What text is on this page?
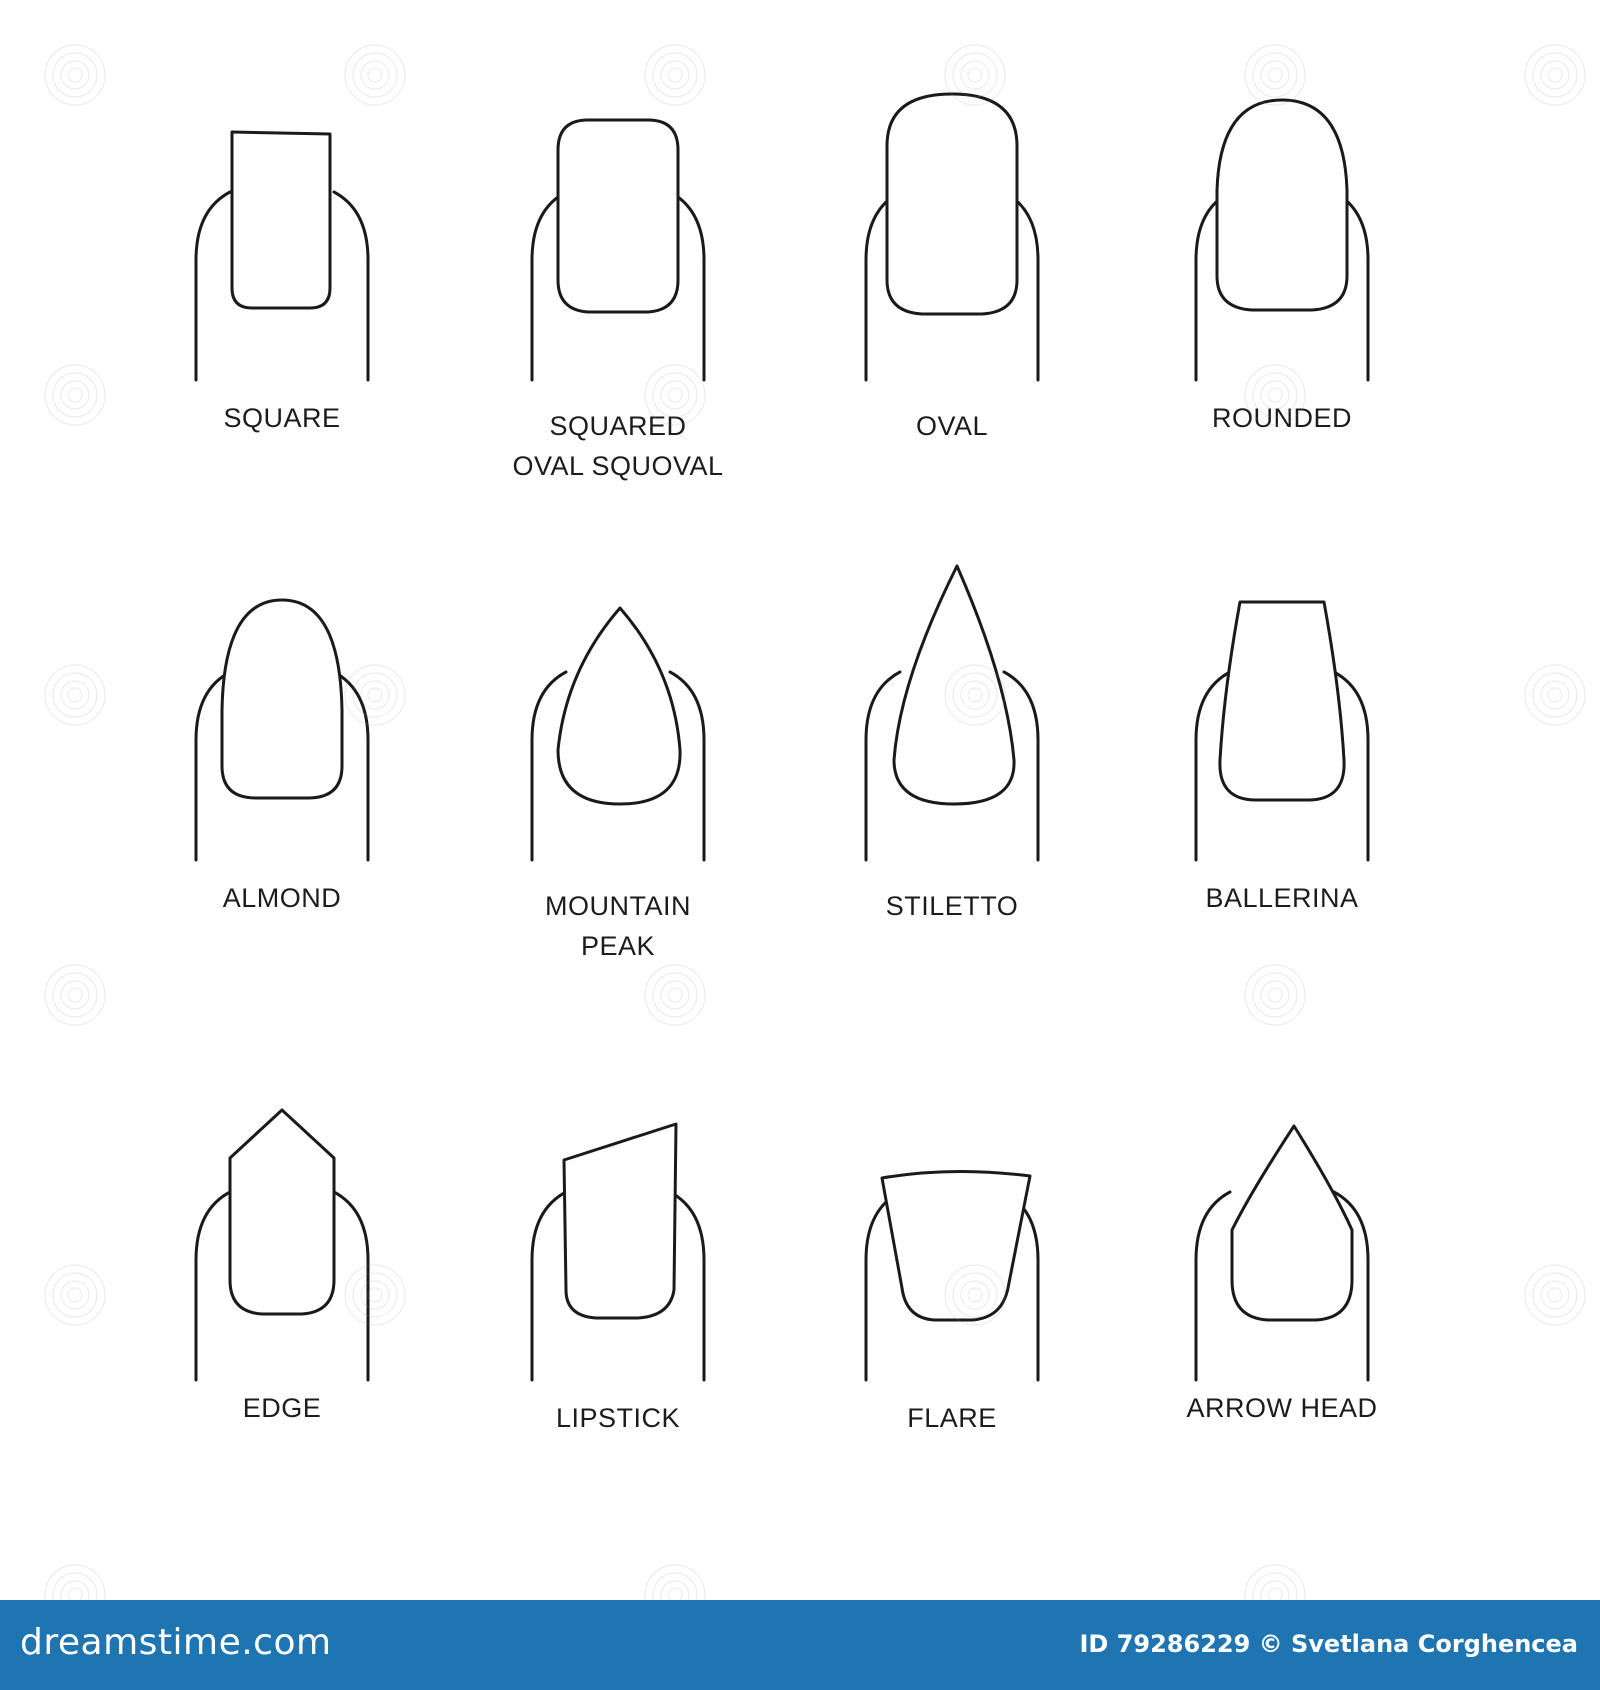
SQUARE	SQUARED
OVAL SQUOVAL
OVAL	ROUNDED
ALMOND	MOUNTAIN
PEAK
STILETTO	BALLERINA
EDGE	LIPSTICK	FLARE	ARROW HEAD
dreamstime.com	ID 79286229 © Svetlana Corghencea
